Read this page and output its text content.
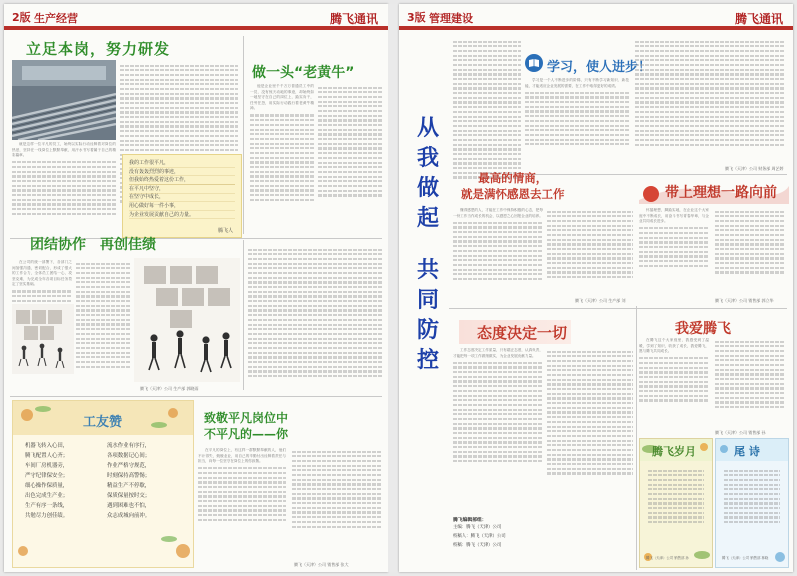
2版 生产经营	腾飞通讯
立足本岗，努力研发

就是这样一位平凡的员工，始终以实际行动诠释着对岗位的热爱，坚持在一线岗位上默默奉献，用汗水书写着属于自己的精彩篇章。

做一头“老黄牛”

他是企业里千千万万普通员工中的一员，没有惊天动地的事迹，却始终如一地坚守在自己的岗位上，踏实肯干，任劳任怨，用实际行动践行着老黄牛精神。

我的工作很平凡，
没有轰轰烈烈的事迹，
但我始终热爱着这份工作，
在平凡中坚守，
在坚守中成长，
用心做好每一件小事，
为企业发展贡献自己的力量。
腾飞人
团结协作　再创佳绩

在公司的统一部署下，各部门之间加强沟通，密切配合，形成了强大的工作合力，全体员工团结一心，攻坚克难，为完成全年各项目标任务奠定了坚实基础。

腾飞（天津）公司 生产部 郭晓雨
工友赞
机器飞转入心田，
腾飞配置人心齐；
车间厂房机器旁，
严守纪律保安全；
细心操作保质量，
出色完成生产业；
生产有序一条线，
共勉尽力创佳绩。
流水作业有序行，
各项数据记心间；
作业严格守规范，
时刻保持高警惕；
精益生产不停歇，
保质保量按时交；
遇到困难也不怕，
众志成城向前冲。
致敬平凡岗位中
不平凡的——你

在平凡的岗位上，有这样一群默默奉献的人，他们不计得失，兢兢业业，用自己的辛勤付出诠释着责任与担当，向每一位坚守在岗位上的你致敬。

腾飞（天津）公司 销售部 张大
3版 管理建设	腾飞通讯
从我做起
共同防控
学习，使人进步！

学习是一个人不断进步的阶梯，只有不断学习新知识、新技能，才能适应企业发展的需要，在工作中取得更好的成绩。

腾飞（天津）公司 财务部 周艺婷
最高的情商，
就是满怀感恩去工作

懂得感恩的人，才能在工作中保持积极的心态，把每一份工作当作成长的机会，以感恩之心回报企业的培养。

腾飞（天津）公司 生产部 刘
带上理想一路向前

怀揣理想，脚踏实地，在企业这个大家庭中不断成长，用奋斗书写青春华章，与企业共同成长进步。

腾飞（天津）公司 销售部 郭立华
态度决定一切

工作态度决定工作质量，只有端正态度，认真负责，才能把每一项工作做细做实，为企业发展贡献力量。

腾飞编辑部组：
主编：腾飞（天津）公司
校稿人：腾飞（天津）公司
校稿：腾飞（天津）公司
我爱腾飞

在腾飞这个大家庭里，我感受到了温暖，学到了知识，收获了成长，我爱腾飞，愿与腾飞共同成长。

腾飞（天津）公司 销售部 孙
腾飞岁月
腾飞（天津）公司 销售部 孙
尾 诗
腾飞（天津）公司 销售部 林晓
